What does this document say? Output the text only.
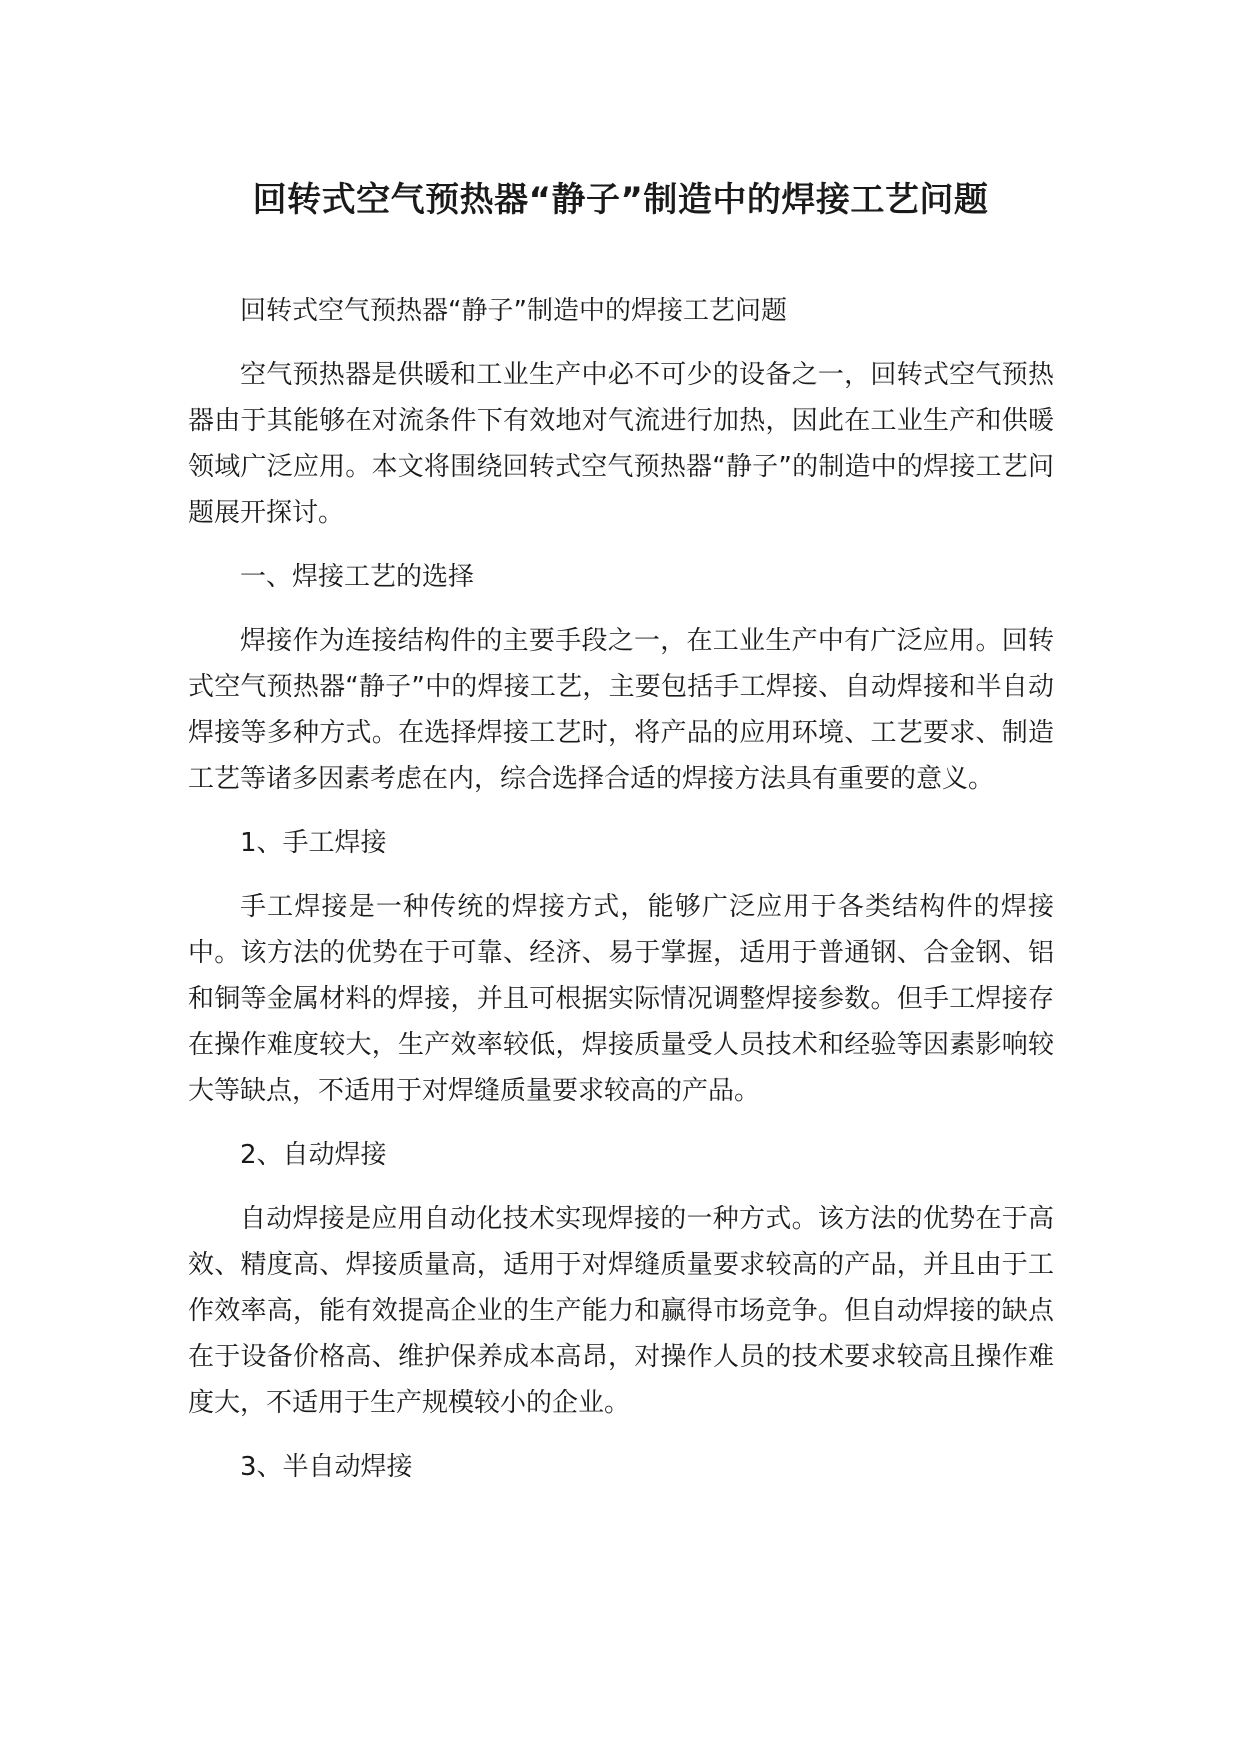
回转式空气预热器“静子”制造中的焊接工艺问题

回转式空气预热器“静子”制造中的焊接工艺问题

空气预热器是供暖和工业生产中必不可少的设备之一，回转式空气预热器由于其能够在对流条件下有效地对气流进行加热，因此在工业生产和供暖领域广泛应用。本文将围绕回转式空气预热器“静子”的制造中的焊接工艺问题展开探讨。

一、焊接工艺的选择

焊接作为连接结构件的主要手段之一，在工业生产中有广泛应用。回转式空气预热器“静子”中的焊接工艺，主要包括手工焊接、自动焊接和半自动焊接等多种方式。在选择焊接工艺时，将产品的应用环境、工艺要求、制造工艺等诸多因素考虑在内，综合选择合适的焊接方法具有重要的意义。

1、手工焊接

手工焊接是一种传统的焊接方式，能够广泛应用于各类结构件的焊接中。该方法的优势在于可靠、经济、易于掌握，适用于普通钢、合金钢、铝和铜等金属材料的焊接，并且可根据实际情况调整焊接参数。但手工焊接存在操作难度较大，生产效率较低，焊接质量受人员技术和经验等因素影响较大等缺点，不适用于对焊缝质量要求较高的产品。

2、自动焊接

自动焊接是应用自动化技术实现焊接的一种方式。该方法的优势在于高效、精度高、焊接质量高，适用于对焊缝质量要求较高的产品，并且由于工作效率高，能有效提高企业的生产能力和赢得市场竞争。但自动焊接的缺点在于设备价格高、维护保养成本高昂，对操作人员的技术要求较高且操作难度大，不适用于生产规模较小的企业。

3、半自动焊接
